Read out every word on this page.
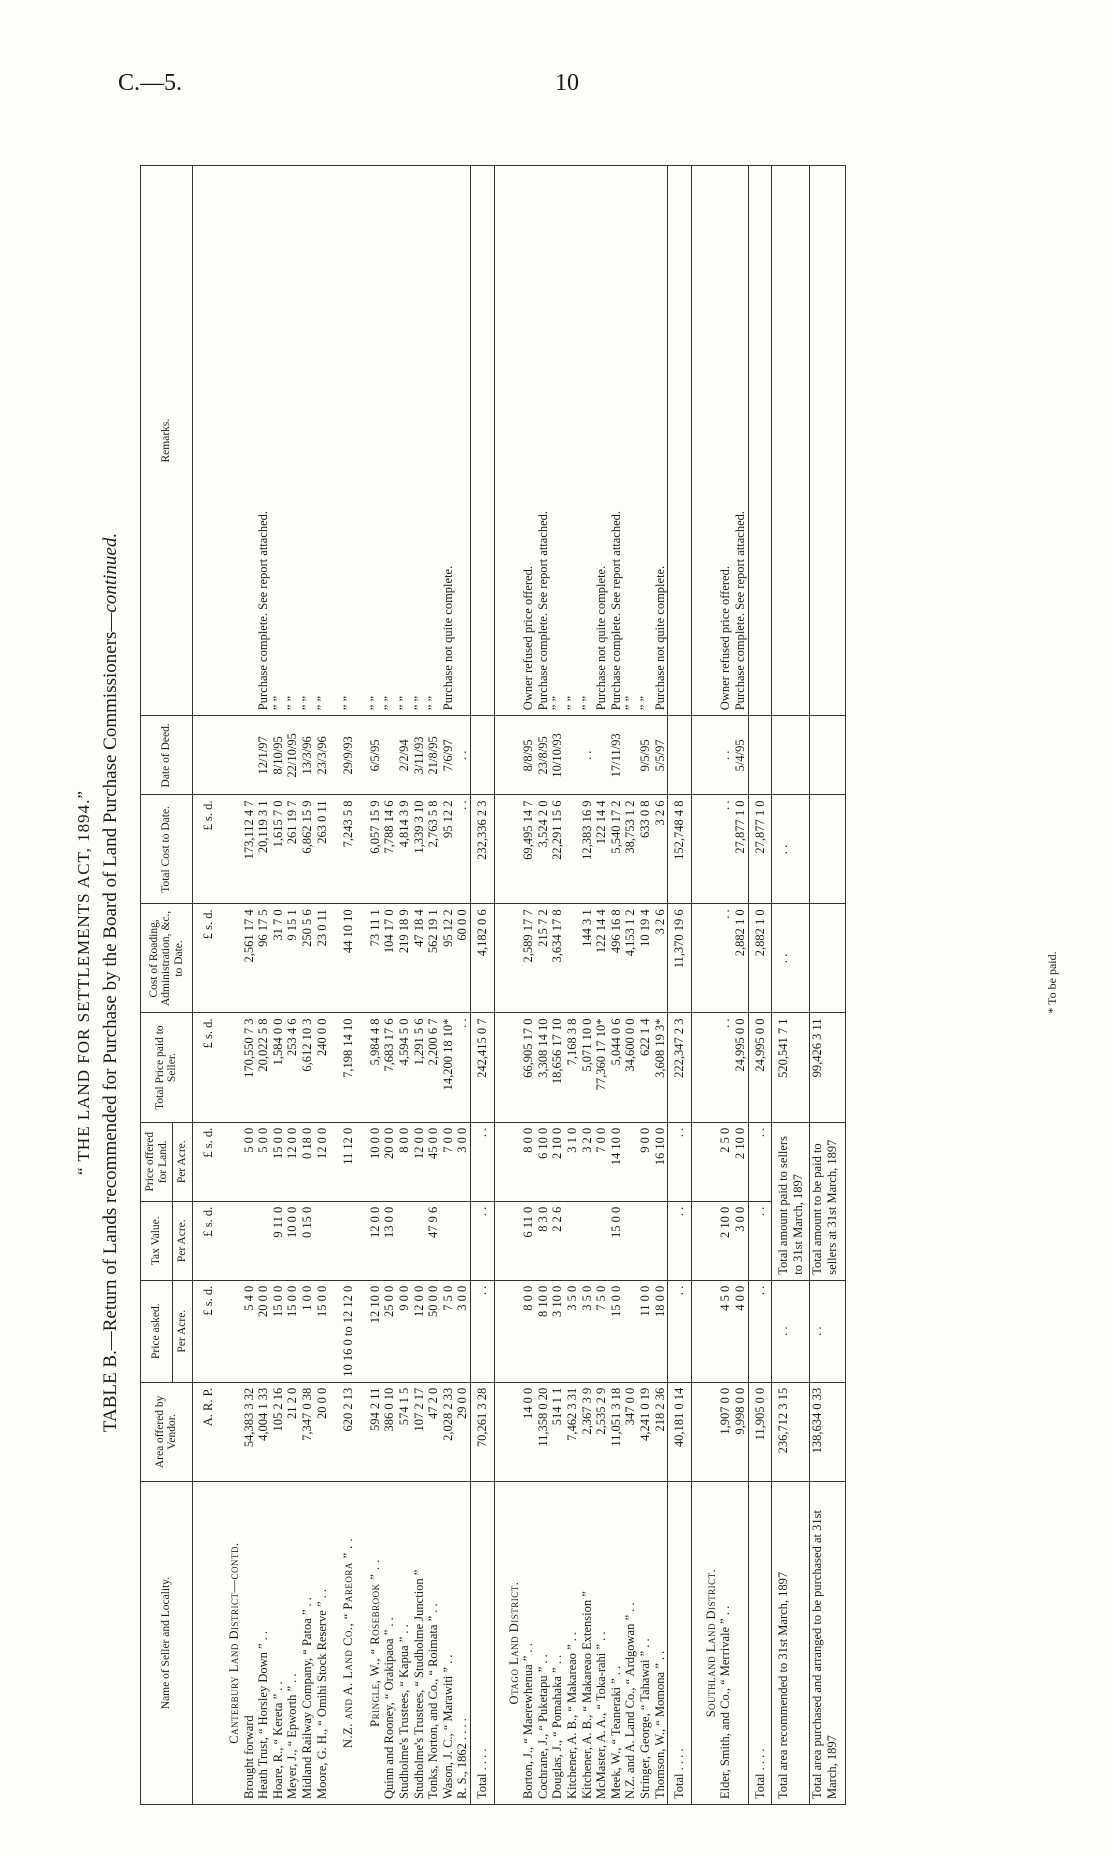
C.—5.	10
“ THE LAND FOR SETTLEMENTS ACT, 1894.” TABLE B.—Return of Lands recommended for Purchase by the Board of Land Purchase Commissioners—continued.
Name of Seller and Locality.	Area offered by Vendor.	Price asked.	Tax Value.	Price offered for Land.	Total Price paid to Seller.	Cost of Roading, Administration, &c., to Date.	Total Cost to Date.	Date of Deed.	Remarks.
		Per Acre.	Per Acre.	Per Acre.					
	A. R. P.	£ s. d.	£ s. d.	£ s. d.	£ s. d.	£ s. d.	£ s. d.		
Canterbury Land District—contd.									
Brought forward	54,383 3 32	5 4 0		5 0 0	170,550 7 3	2,561 17 4	173,112 4 7		
Heath Trust, “ Horsley Down ” . .	4,004 1 33	20 0 0		5 0 0	20,022 5 8	96 17 5	20,119 3 1	12/1/97	Purchase complete. See report attached.
Hoare, R., “ Kereta ” . .	105 2 16	15 0 0	9 11 0	15 0 0	1,584 0 0	31 7 0	1,615 7 0	8/10/95	” ”
Meyer, J., “ Epworth ” . .	21 2 0	15 0 0	10 0 0	12 0 0	253 4 6	9 15 1	261 19 7	22/10/95	” ”
Midland Railway Company, “ Patoa ” . .	7,347 0 38	1 0 0	0 15 0	0 18 0	6,612 10 3	250 5 6	6,862 15 9	13/3/96	” ”
Moore, G. H., “ Omihi Stock Reserve ” . .	20 0 0	15 0 0		12 0 0	240 0 0	23 0 11	263 0 11	23/3/96	” ”
N.Z. and A. Land Co., “ Pareora ” . .	620 2 13	10 16 0 to 12 12 0		11 12 0	7,198 14 10	44 10 10	7,243 5 8	29/9/93	” ”
Pringle, W., “ Rosebrook ” . .	594 2 11	12 10 0	12 0 0	10 0 0	5,984 4 8	73 11 1	6,057 15 9	6/5/95	” ”
Quinn and Rooney, “ Orakipaoa ” . .	386 0 10	25 0 0	13 0 0	20 0 0	7,683 17 6	104 17 0	7,788 14 6		” ”
Studholme's Trustees, “ Kapua ” . .	574 1 5	9 0 0		8 0 0	4,594 5 0	219 18 9	4,814 3 9	2/2/94	” ”
Studholme's Trustees, “ Studholme Junction ”	107 2 17	12 0 0		12 0 0	1,291 5 6	47 18 4	1,339 3 10	3/11/93	” ”
Tonks, Norton, and Co., “ Roimata ” . .	47 2 0	50 0 0	47 9 6	45 0 0	2,200 6 7	562 19 1	2,763 5 8	21/8/95	” ”
Wason, J. C., “ Marawiti ” . .	2,028 2 33	7 5 0		7 0 0	14,200 18 10*	95 12 2	95 12 2	7/6/97	Purchase not quite complete.
R. S., 1862 . . . .	29 0 0	3 0 0		3 0 0	. .	60 0 0	. .	. .	
Total . . . .	70,261 3 28	. .	. .	. .	242,415 0 7	4,182 0 6	232,336 2 3		
Otago Land District.									
Borton, J., “ Maerewhenua ” . .	14 0 0	8 0 0	6 11 0	8 0 0	66,905 17 0	2,589 17 7	69,495 14 7	8/8/95	Owner refused price offered.
Cochrane, J., “ Puketapu ” . .	11,358 0 20	8 10 0	8 3 0	6 10 0	3,308 14 10	215 7 2	3,524 2 0	23/8/95	Purchase complete. See report attached.
Douglas, J., “ Pomahaka ” . .	514 1 1	3 10 0	2 2 6	2 10 0	18,656 17 10	3,634 17 8	22,291 15 6	10/10/93	” ”
Kitchener, A. B., “ Makareao ” . .	7,462 3 31	3 5 0		3 1 0	7,168 3 8				” ”
Kitchener, A. B., “ Makareao Extension ”	2,367 3 9	3 5 0		3 2 0	5,071 10 0	144 3 1	12,383 16 9	. .	” ”
McMaster, A. A., “ Toka-rahi ” . .	2,535 2 9	7 5 0		7 0 0	77,360 17 10*	122 14 4	122 14 4		Purchase not quite complete.
Meek, W., “ Teaneraki ” . .	11,051 3 18	15 0 0	15 0 0	14 10 0	5,044 0 6	496 16 8	5,540 17 2	17/11/93	Purchase complete. See report attached.
N.Z. and A. Land Co., “ Ardgowan ” . .	347 0 0				34,600 0 0	4,153 1 2	38,753 1 2		” ”
Stringer, George, “ Tahawai ” . .	4,241 0 19	11 0 0		9 0 0	622 1 4	10 19 4	633 0 8	9/5/95	” ”
Thomson, W., “ Momona ” . .	218 2 36	18 0 0		16 10 0	3,608 19 3*	3 2 6	3 2 6	5/5/97	Purchase not quite complete.
Total . . . .	40,181 0 14	. .	. .	. .	222,347 2 3	11,370 19 6	152,748 4 8		
Southland Land District.									
Elder, Smith, and Co., “ Merrivale ” . .	1,907 0 0	4 5 0	2 10 0	2 5 0	. .	. .	. .	. .	Owner refused price offered.
	9,998 0 0	4 0 0	3 0 0	2 10 0	24,995 0 0	2,882 1 0	27,877 1 0	5/4/95	Purchase complete. See report attached.
Total . . . .	11,905 0 0	. .	. .	. .	24,995 0 0	2,882 1 0	27,877 1 0		
Total area recommended to 31st March, 1897	236,712 3 15	. .	Total amount paid to sellers to 31st March, 1897		520,541 7 1	. .	. .		
Total area purchased and arranged to be purchased at 31st March, 1897	138,634 0 33	. .	Total amount to be paid to sellers at 31st March, 1897		99,426 3 11				
* To be paid.
